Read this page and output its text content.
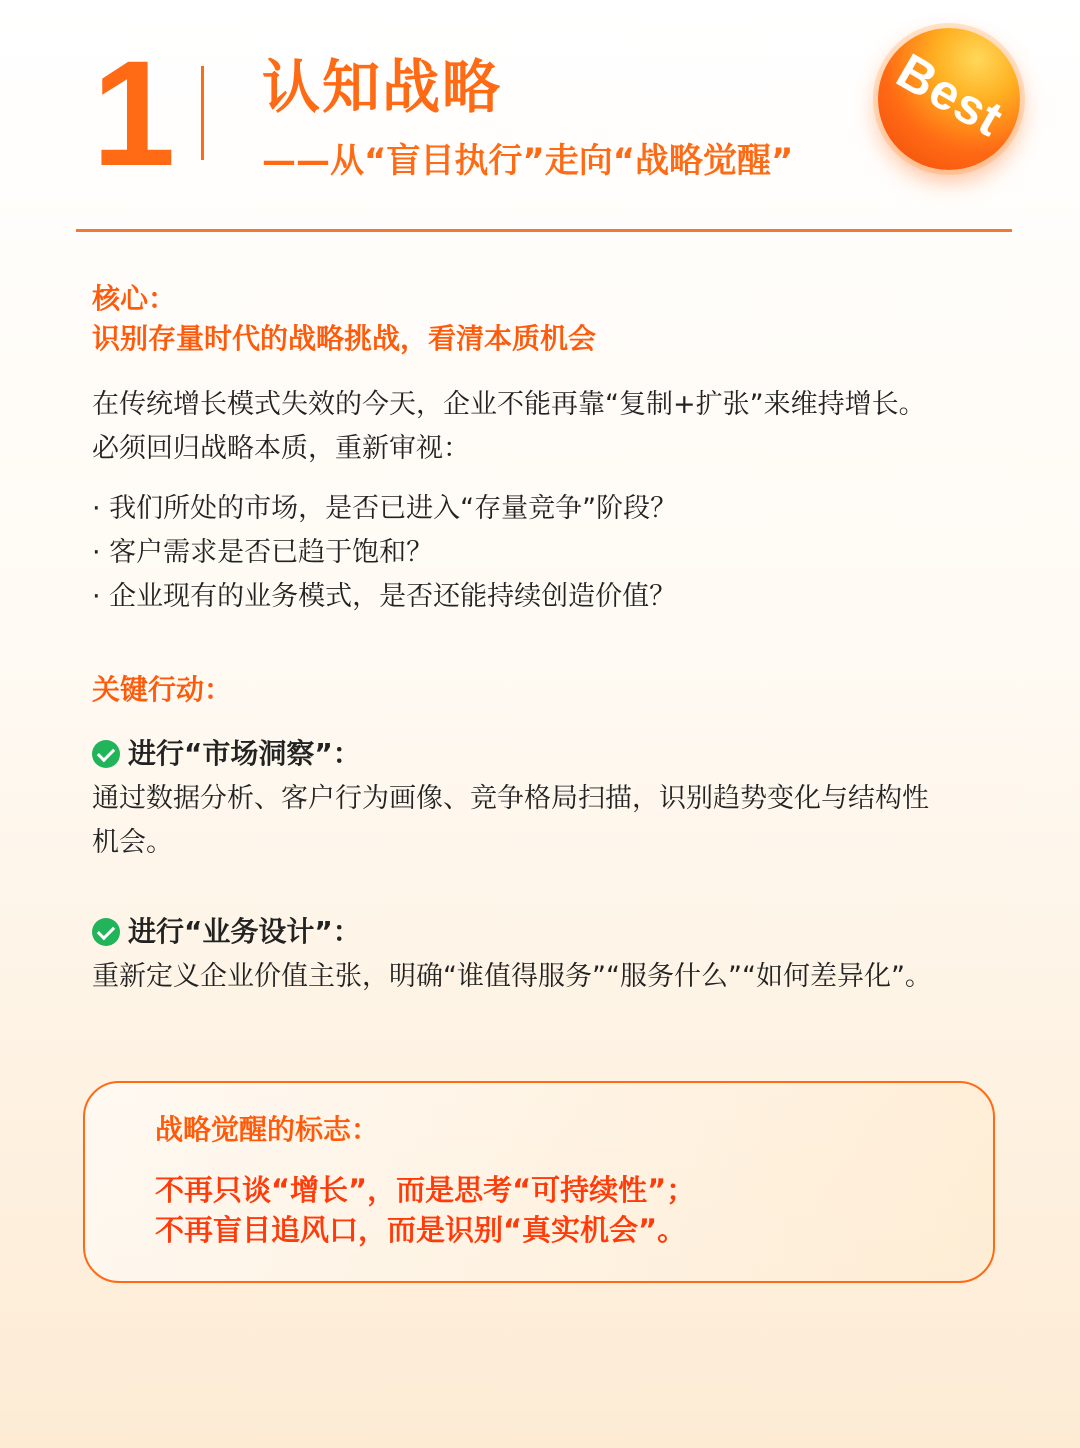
1 认知战略
——从“盲目执行”走向“战略觉醒”
Best
核心：
识别存量时代的战略挑战，看清本质机会
在传统增长模式失效的今天，企业不能再靠“复制+扩张”来维持增长。
必须回归战略本质，重新审视：
· 我们所处的市场，是否已进入“存量竞争”阶段？
· 客户需求是否已趋于饱和？
· 企业现有的业务模式，是否还能持续创造价值？
关键行动：
进行“市场洞察”：
通过数据分析、客户行为画像、竞争格局扫描，识别趋势变化与结构性
机会。
进行“业务设计”：
重新定义企业价值主张，明确“谁值得服务”“服务什么”“如何差异化”。
战略觉醒的标志：
不再只谈“增长”，而是思考“可持续性”；
不再盲目追风口，而是识别“真实机会”。
